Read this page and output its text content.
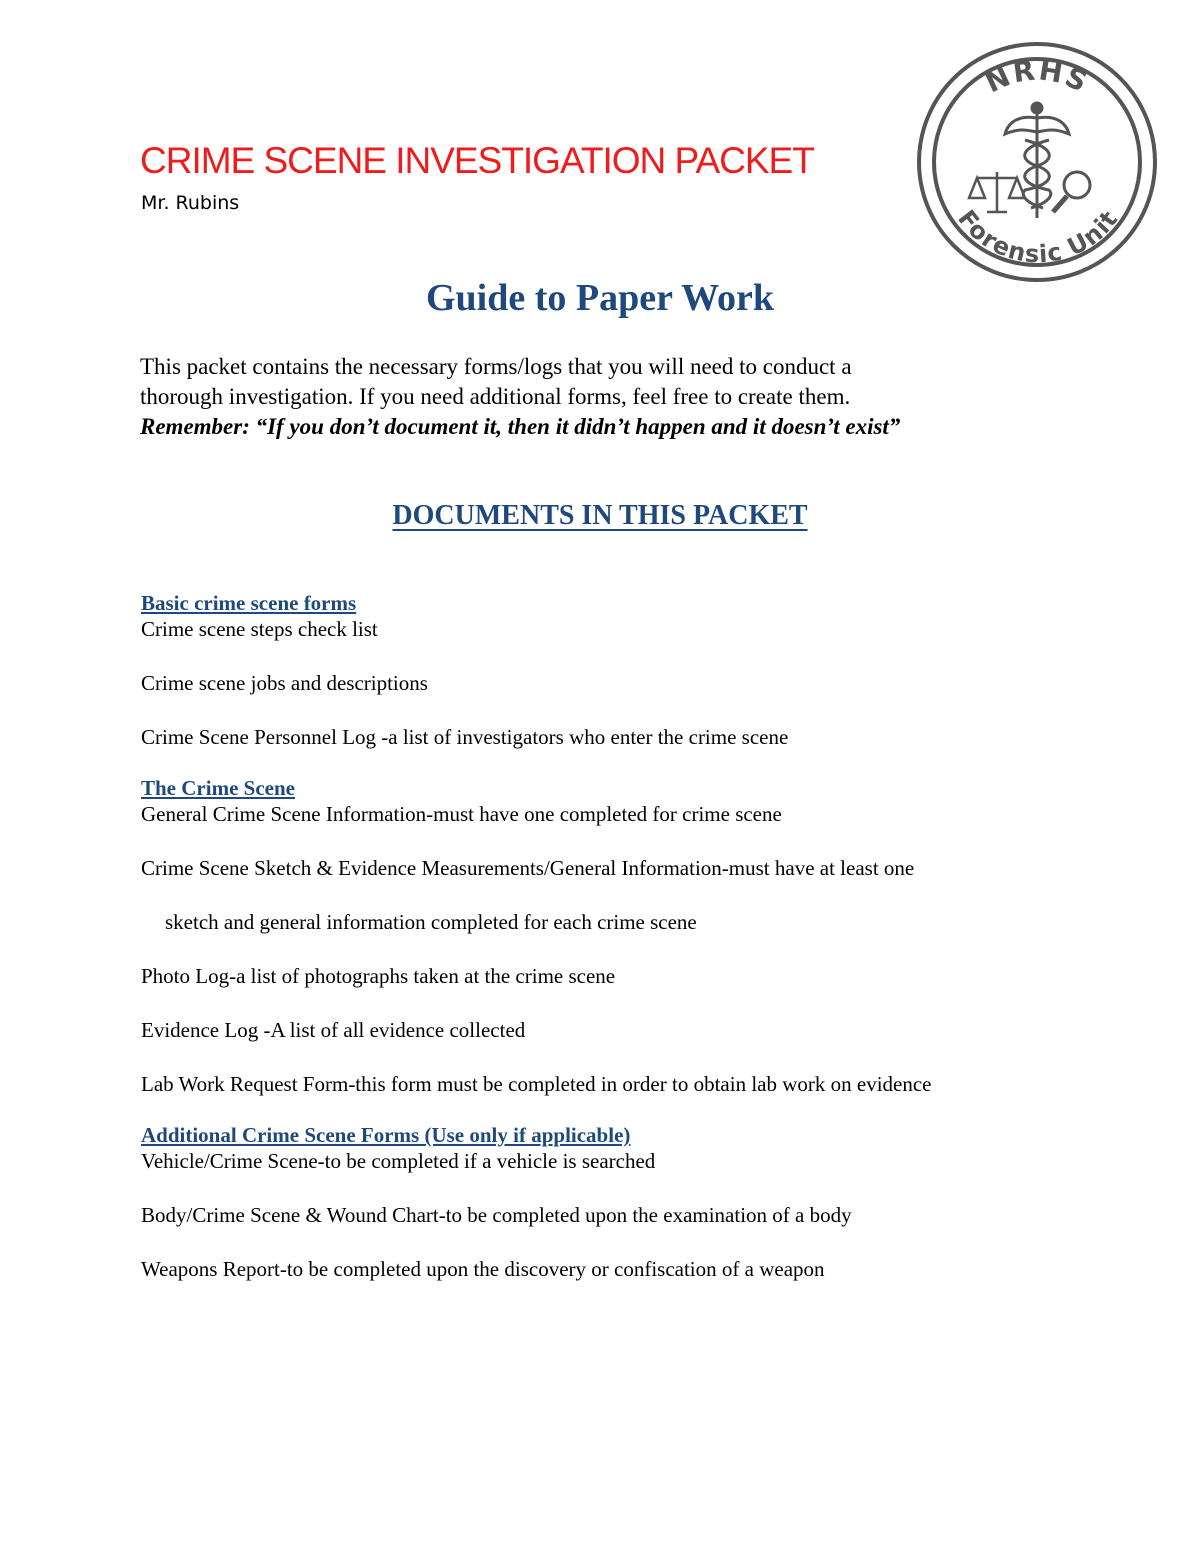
CRIME SCENE INVESTIGATION PACKET
Mr. Rubins
NRHS
Forensic Unit
Guide to Paper Work

This packet contains the necessary forms/logs that you will need to conduct a

thorough investigation. If you need additional forms, feel free to create them.

Remember: “If you don’t document it, then it didn’t happen and it doesn’t exist”

DOCUMENTS IN THIS PACKET
Basic crime scene forms
Crime scene steps check list
Crime scene jobs and descriptions
Crime Scene Personnel Log -a list of investigators who enter the crime scene
The Crime Scene
General Crime Scene Information-must have one completed for crime scene
Crime Scene Sketch & Evidence Measurements/General Information-must have at least one
sketch and general information completed for each crime scene
Photo Log-a list of photographs taken at the crime scene
Evidence Log -A list of all evidence collected
Lab Work Request Form-this form must be completed in order to obtain lab work on evidence
Additional Crime Scene Forms (Use only if applicable)
Vehicle/Crime Scene-to be completed if a vehicle is searched
Body/Crime Scene & Wound Chart-to be completed upon the examination of a body
Weapons Report-to be completed upon the discovery or confiscation of a weapon
